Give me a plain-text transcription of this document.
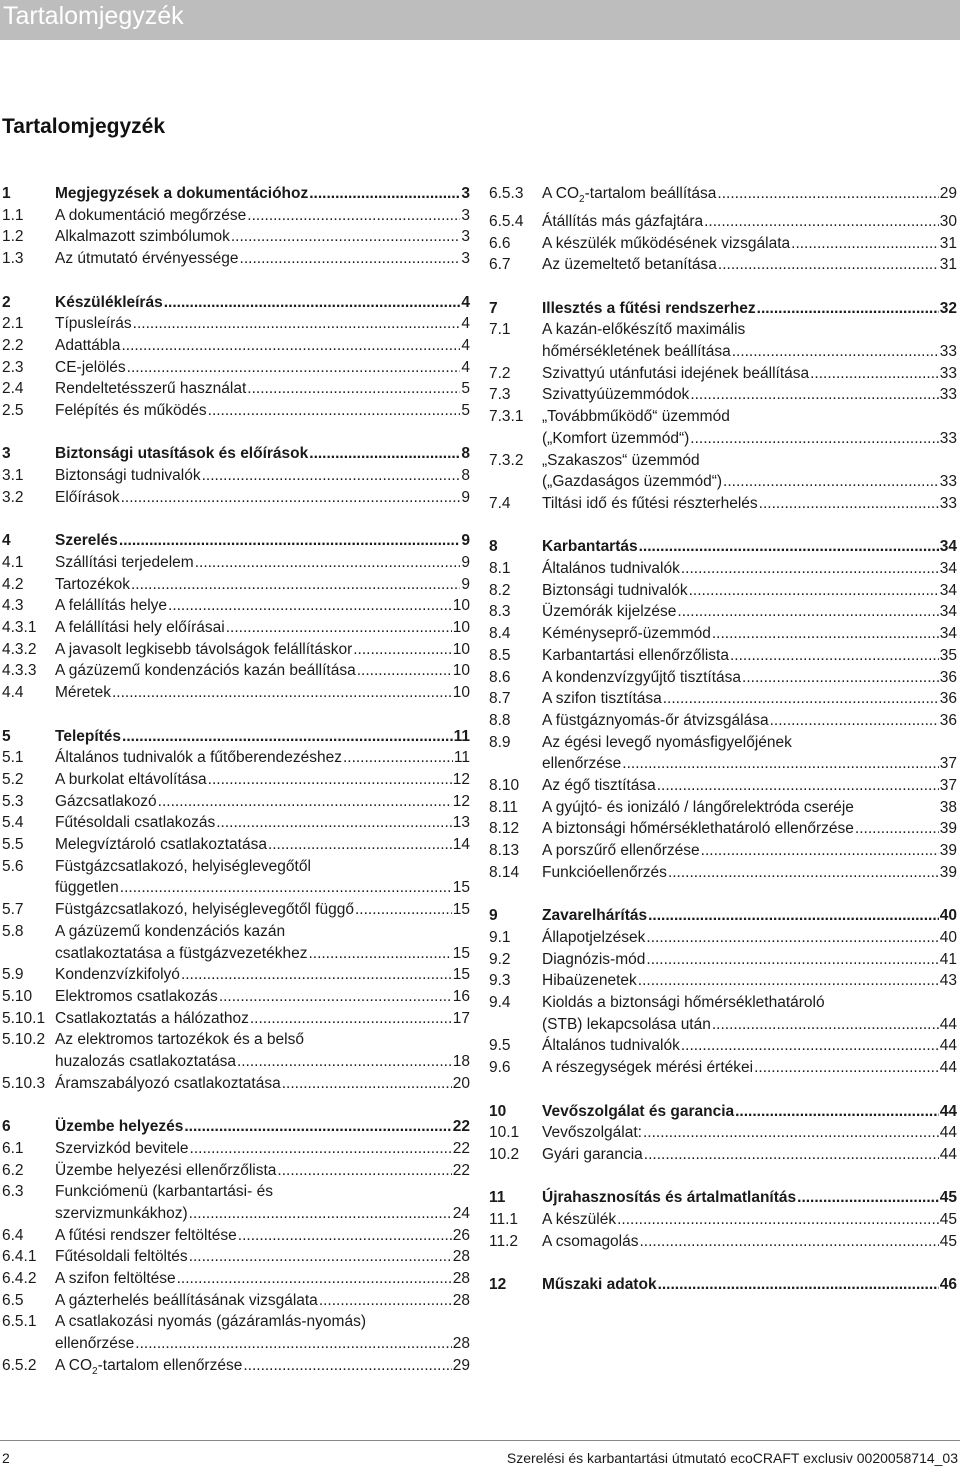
Tartalomjegyzék
Tartalomjegyzék
1	Megjegyzések a dokumentációhoz .....	3
1.1 A dokumentáció megőrzése .....	3
1.2 Alkalmazott szimbólumok .....	3
1.3 Az útmutató érvényessége .....	3
2	Készülékleírás .....	4
2.1 Típusleírás .....	4
2.2 Adattábla .....	4
2.3 CE-jelölés .....	4
2.4 Rendeltetésszerű használat .....	5
2.5 Felépítés és működés .....	5
3	Biztonsági utasítások és előírások .....	8
3.1 Biztonsági tudnivalók .....	8
3.2 Előírások .....	9
4	Szerelés .....	9
4.1 Szállítási terjedelem .....	9
4.2 Tartozékok .....	9
4.3 A felállítás helye .....	10
4.3.1 A felállítási hely előírásai .....	10
4.3.2 A javasolt legkisebb távolságok felállításkor .....	10
4.3.3 A gázüzemű kondenzációs kazán beállítása .....	10
4.4 Méretek .....	10
5	Telepítés .....	11
5.1 Általános tudnivalók a fűtőberendezéshez .....	11
5.2 A burkolat eltávolítása .....	12
5.3 Gázcsatlakozó .....	12
5.4 Fűtésoldali csatlakozás .....	13
5.5 Melegvíztároló csatlakoztatása .....	14
5.6 Füstgázcsatlakozó, helyiséglevegőtől
független .....	15
5.7 Füstgázcsatlakozó, helyiséglevegőtől függő .....	15
5.8 A gázüzemű kondenzációs kazán
csatlakoztatása a füstgázvezetékhez .....	15
5.9 Kondenzvízkifolyó .....	15
5.10 Elektromos csatlakozás .....	16
5.10.1 Csatlakoztatás a hálózathoz .....	17
5.10.2 Az elektromos tartozékok és a belső
huzalozás csatlakoztatása .....	18
5.10.3 Áramszabályozó csatlakoztatása .....	20
6	Üzembe helyezés .....	22
6.1 Szervizkód bevitele .....	22
6.2 Üzembe helyezési ellenőrzőlista .....	22
6.3 Funkciómenü (karbantartási- és
szervizmunkákhoz) .....	24
6.4 A fűtési rendszer feltöltése .....	26
6.4.1 Fűtésoldali feltöltés .....	28
6.4.2 A szifon feltöltése .....	28
6.5 A gázterhelés beállításának vizsgálata .....	28
6.5.1 A csatlakozási nyomás (gázáramlás-nyomás)
ellenőrzése .....	28
6.5.2 A $CO_2$-tartalom ellenőrzése .....	29
6.5.3 A $CO_2$-tartalom beállítása .....	29
6.5.4 Átállítás más gázfajtára .....	30
6.6 A készülék működésének vizsgálata .....	31
6.7 Az üzemeltető betanítása .....	31
7	Illesztés a fűtési rendszerhez .....	32
7.1 A kazán-előkészítő maximális
hőmérsékletének beállítása .....	33
7.2 Szivattyú utánfutási idejének beállítása .....	33
7.3 Szivattyúüzemmódok .....	33
7.3.1 „Továbbműködő“ üzemmód
(„Komfort üzemmód“) .....	33
7.3.2 „Szakaszos“ üzemmód
(„Gazdaságos üzemmód“) .....	33
7.4 Tiltási idő és fűtési részterhelés .....	33
8	Karbantartás .....	34
8.1 Általános tudnivalók .....	34
8.2 Biztonsági tudnivalók .....	34
8.3 Üzemórák kijelzése .....	34
8.4 Kéményseprő-üzemmód .....	34
8.5 Karbantartási ellenőrzőlista .....	35
8.6 A kondenzvízgyűjtő tisztítása .....	36
8.7 A szifon tisztítása .....	36
8.8 A füstgáznyomás-őr átvizsgálása .....	36
8.9 Az égési levegő nyomásfigyelőjének
ellenőrzése .....	37
8.10 Az égő tisztítása .....	37
8.11 A gyújtó- és ionizáló / lángőrelektróda cseréje	38
8.12 A biztonsági hőmérséklethatároló ellenőrzése .....	39
8.13 A porszűrő ellenőrzése .....	39
8.14 Funkcióellenőrzés .....	39
9	Zavarelhárítás .....	40
9.1 Állapotjelzések .....	40
9.2 Diagnózis-mód .....	41
9.3 Hibaüzenetek .....	43
9.4 Kioldás a biztonsági hőmérséklethatároló
(STB) lekapcsolása után .....	44
9.5 Általános tudnivalók .....	44
9.6 A részegységek mérési értékei .....	44
10 Vevőszolgálat és garancia .....	44
10.1 Vevőszolgálat: .....	44
10.2 Gyári garancia .....	44
11 Újrahasznosítás és ártalmatlanítás .....	45
11.1 A készülék .....	45
11.2 A csomagolás .....	45
12 Műszaki adatok .....	46
2	Szerelési és karbantartási útmutató ecoCRAFT exclusiv 0020058714_03
